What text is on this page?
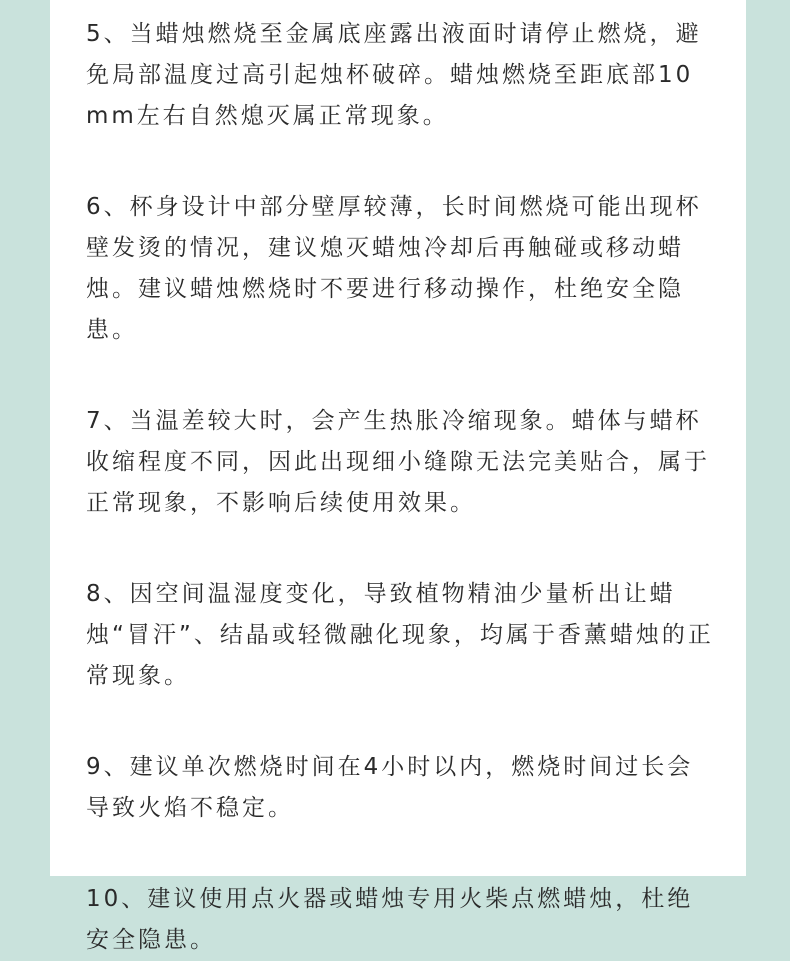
5、当蜡烛燃烧至金属底座露出液面时请停止燃烧，避免局部温度过高引起烛杯破碎。蜡烛燃烧至距底部10mm左右自然熄灭属正常现象。

6、杯身设计中部分壁厚较薄，长时间燃烧可能出现杯壁发烫的情况，建议熄灭蜡烛冷却后再触碰或移动蜡烛。建议蜡烛燃烧时不要进行移动操作，杜绝安全隐患。

7、当温差较大时，会产生热胀冷缩现象。蜡体与蜡杯收缩程度不同，因此出现细小缝隙无法完美贴合，属于正常现象，不影响后续使用效果。

8、因空间温湿度变化，导致植物精油少量析出让蜡烛“冒汗”、结晶或轻微融化现象，均属于香薰蜡烛的正常现象。

9、建议单次燃烧时间在4小时以内，燃烧时间过长会导致火焰不稳定。

10、建议使用点火器或蜡烛专用火柴点燃蜡烛，杜绝安全隐患。
